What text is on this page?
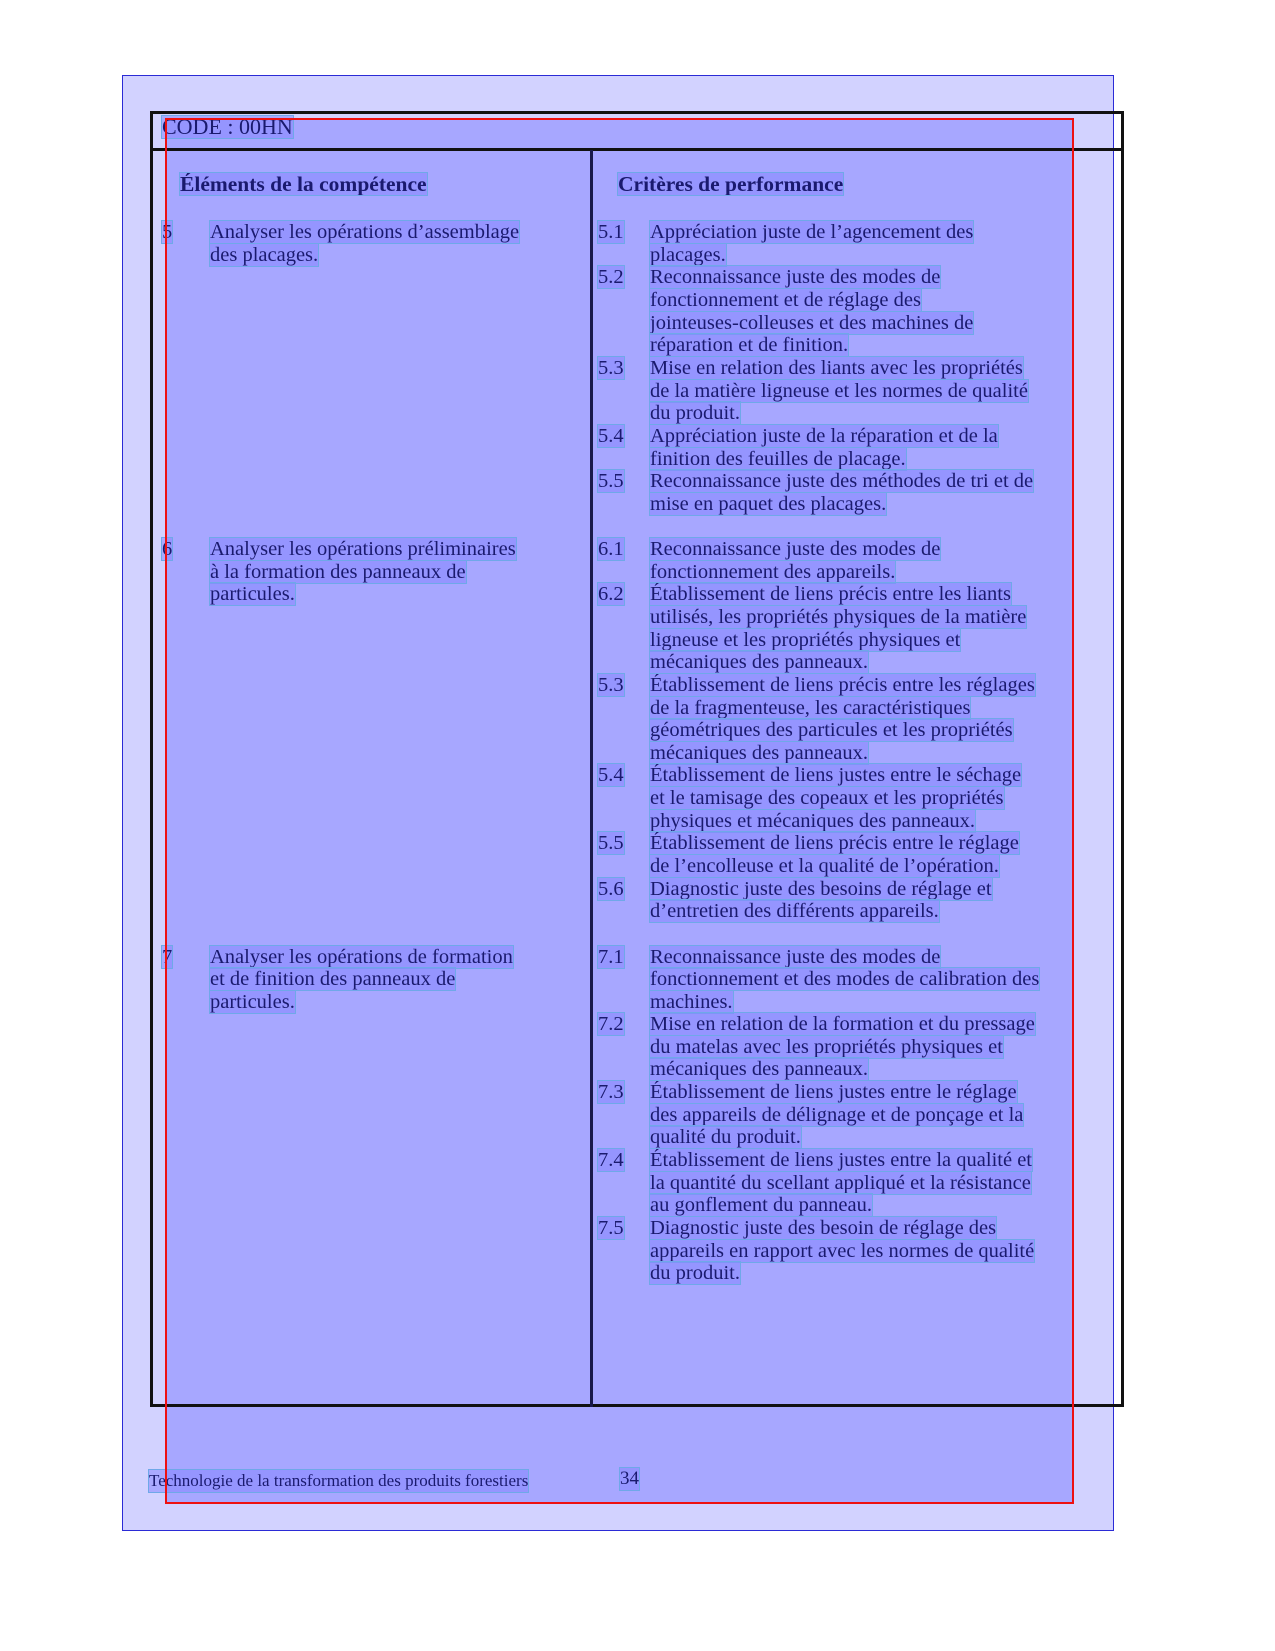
CODE : 00HN
Éléments de la compétence	Critères de performance
5 Analyser les opérations d’assemblage
des placages.
5.1 Appréciation juste de l’agencement des
placages.
5.2 Reconnaissance juste des modes de
fonctionnement et de réglage des
jointeuses-colleuses et des machines de
réparation et de finition.
5.3 Mise en relation des liants avec les propriétés
de la matière ligneuse et les normes de qualité
du produit.
5.4 Appréciation juste de la réparation et de la
finition des feuilles de placage.
5.5 Reconnaissance juste des méthodes de tri et de
mise en paquet des placages.
6 Analyser les opérations préliminaires
à la formation des panneaux de
particules.
6.1 Reconnaissance juste des modes de
fonctionnement des appareils.
6.2 Établissement de liens précis entre les liants
utilisés, les propriétés physiques de la matière
ligneuse et les propriétés physiques et
mécaniques des panneaux.
5.3 Établissement de liens précis entre les réglages
de la fragmenteuse, les caractéristiques
géométriques des particules et les propriétés
mécaniques des panneaux.
5.4 Établissement de liens justes entre le séchage
et le tamisage des copeaux et les propriétés
physiques et mécaniques des panneaux.
5.5 Établissement de liens précis entre le réglage
de l’encolleuse et la qualité de l’opération.
5.6 Diagnostic juste des besoins de réglage et
d’entretien des différents appareils.
7 Analyser les opérations de formation
et de finition des panneaux de
particules.
7.1 Reconnaissance juste des modes de
fonctionnement et des modes de calibration des
machines.
7.2 Mise en relation de la formation et du pressage
du matelas avec les propriétés physiques et
mécaniques des panneaux.
7.3 Établissement de liens justes entre le réglage
des appareils de délignage et de ponçage et la
qualité du produit.
7.4 Établissement de liens justes entre la qualité et
la quantité du scellant appliqué et la résistance
au gonflement du panneau.
7.5 Diagnostic juste des besoin de réglage des
appareils en rapport avec les normes de qualité
du produit.
Technologie de la transformation des produits forestiers	34
